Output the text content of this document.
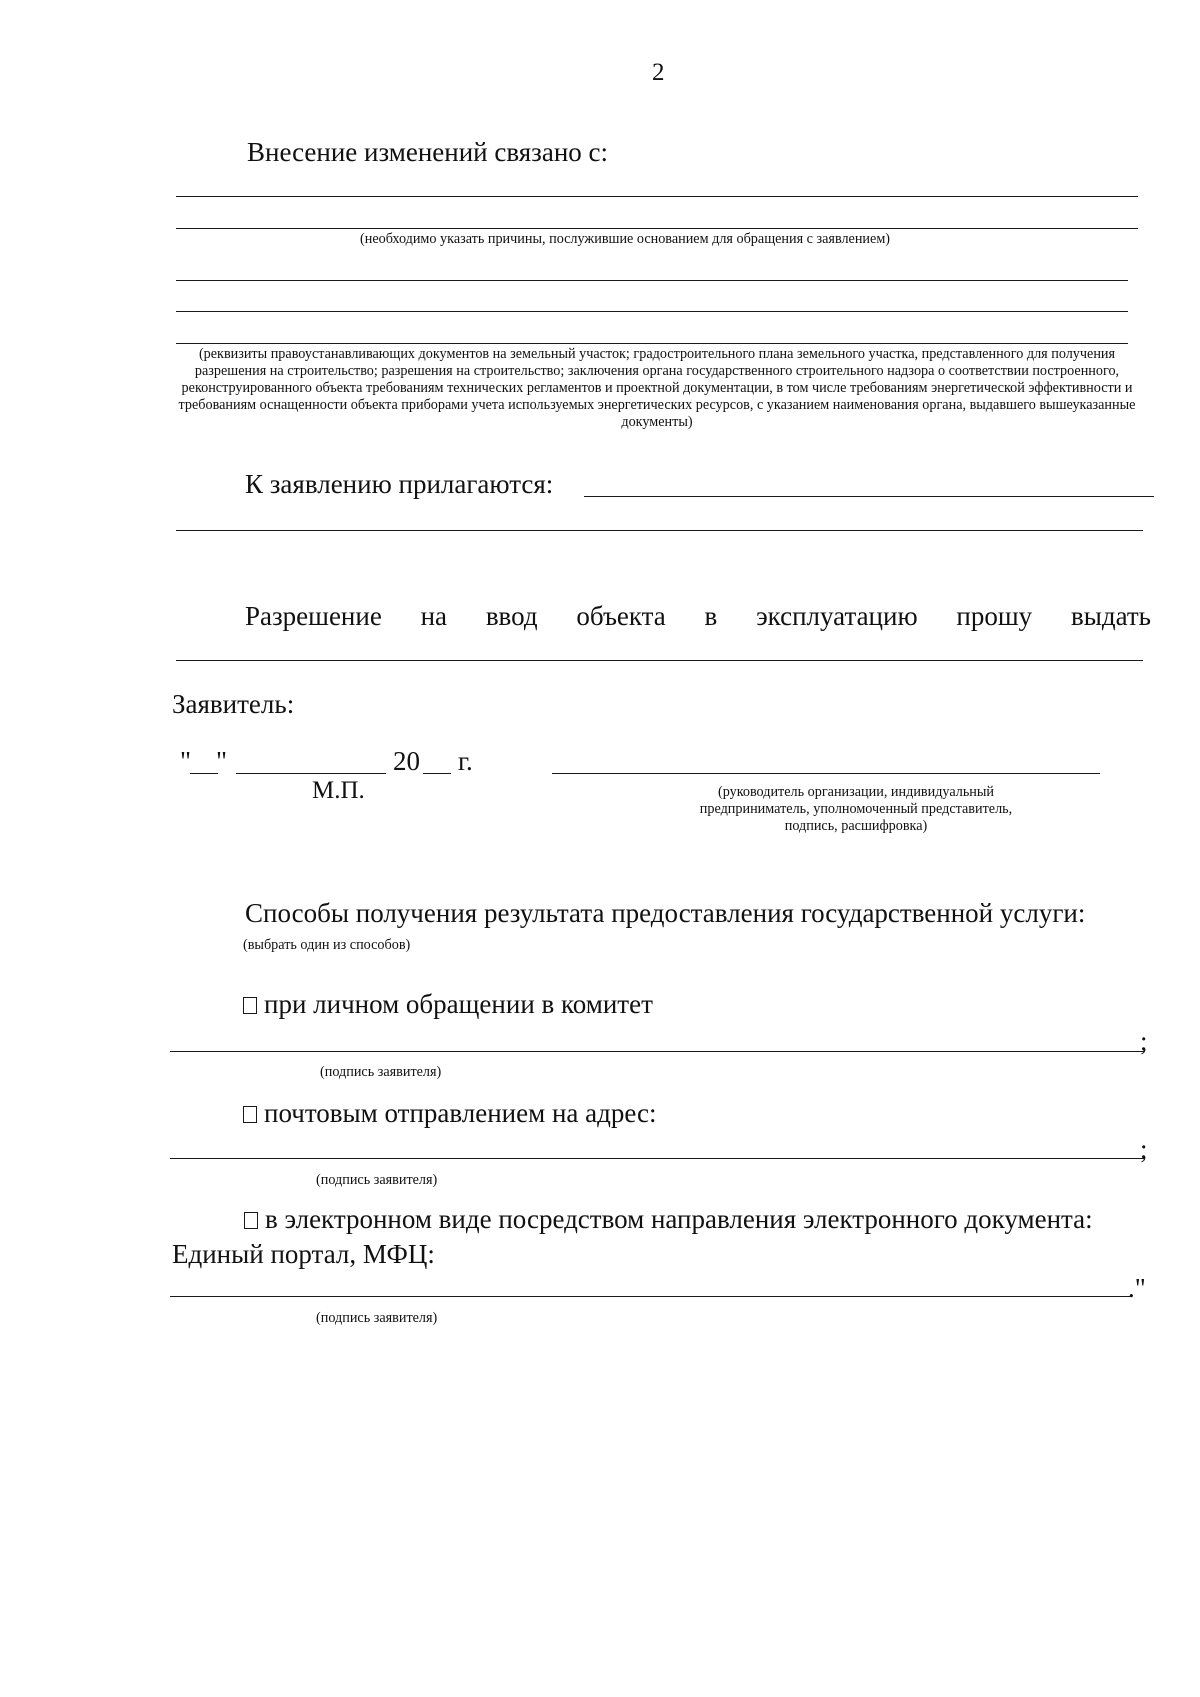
2
Внесение изменений связано с:
(необходимо указать причины, послужившие основанием для обращения с заявлением)
(реквизиты правоустанавливающих документов на земельный участок; градостроительного плана земельного участка, представленного для получения разрешения на строительство; разрешения на строительство; заключения органа государственного строительного надзора о соответствии построенного, реконструированного объекта требованиям технических регламентов и проектной документации, в том числе требованиям энергетической эффективности и требованиям оснащенности объекта приборами учета используемых энергетических ресурсов, с указанием наименования органа, выдавшего вышеуказанные документы)
К заявлению прилагаются:
Разрешение на ввод объекта в эксплуатацию прошу выдать
Заявитель:
" "	20 г.
М.П.	(руководитель организации, индивидуальный предприниматель, уполномоченный представитель, подпись, расшифровка)
Способы получения результата предоставления государственной услуги:
(выбрать один из способов)
при личном обращении в комитет
;
(подпись заявителя)
почтовым отправлением на адрес:
;
(подпись заявителя)
в электронном виде посредством направления электронного документа:
Единый портал, МФЦ:
."
(подпись заявителя)
